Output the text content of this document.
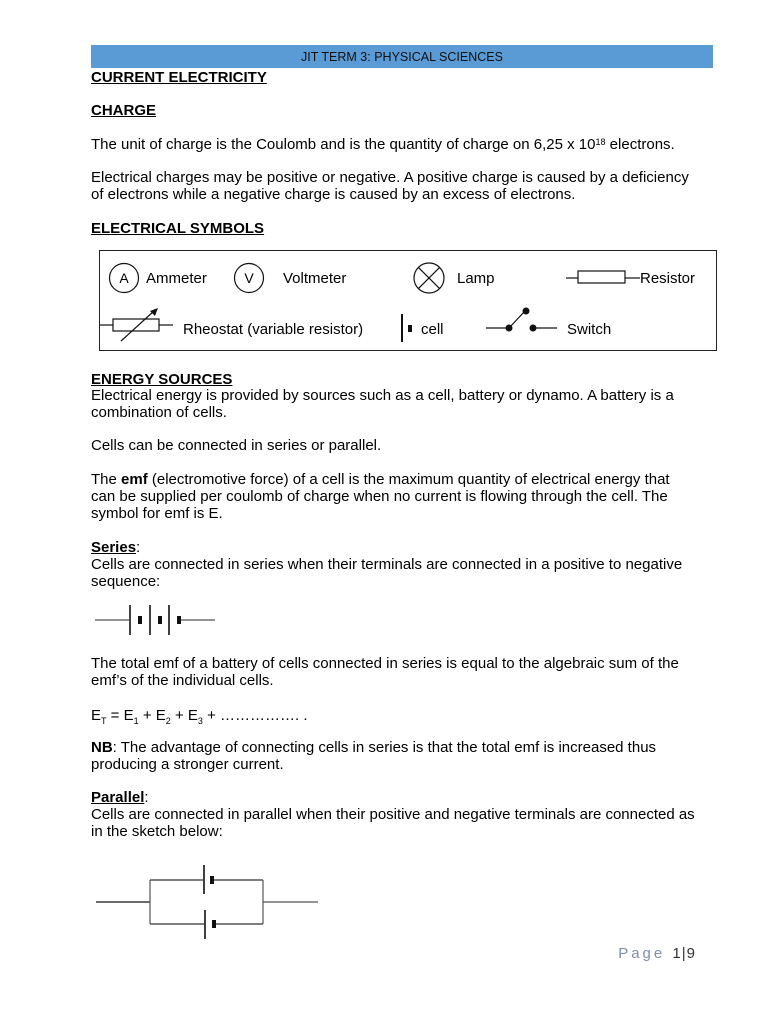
JIT TERM 3: PHYSICAL SCIENCES
CURRENT ELECTRICITY
CHARGE
The unit of charge is the Coulomb and is the quantity of charge on 6,25 x $10^{18}$ electrons.
Electrical charges may be positive or negative. A positive charge is caused by a deficiency of electrons while a negative charge is caused by an excess of electrons.
ELECTRICAL SYMBOLS
A	Ammeter	V	Voltmeter	Lamp	Resistor
Rheostat (variable resistor)	cell	Switch
ENERGY SOURCES
Electrical energy is provided by sources such as a cell, battery or dynamo. A battery is a combination of cells.
Cells can be connected in series or parallel.
The emf (electromotive force) of a cell is the maximum quantity of electrical energy that can be supplied per coulomb of charge when no current is flowing through the cell. The symbol for emf is E.
Series:
Cells are connected in series when their terminals are connected in a positive to negative sequence:
The total emf of a battery of cells connected in series is equal to the algebraic sum of the emf’s of the individual cells.
$E_T = E_1 + E_2 + E_3$ + ……………. .
NB: The advantage of connecting cells in series is that the total emf is increased thus producing a stronger current.
Parallel:
Cells are connected in parallel when their positive and negative terminals are connected as in the sketch below:
Page 1|9
